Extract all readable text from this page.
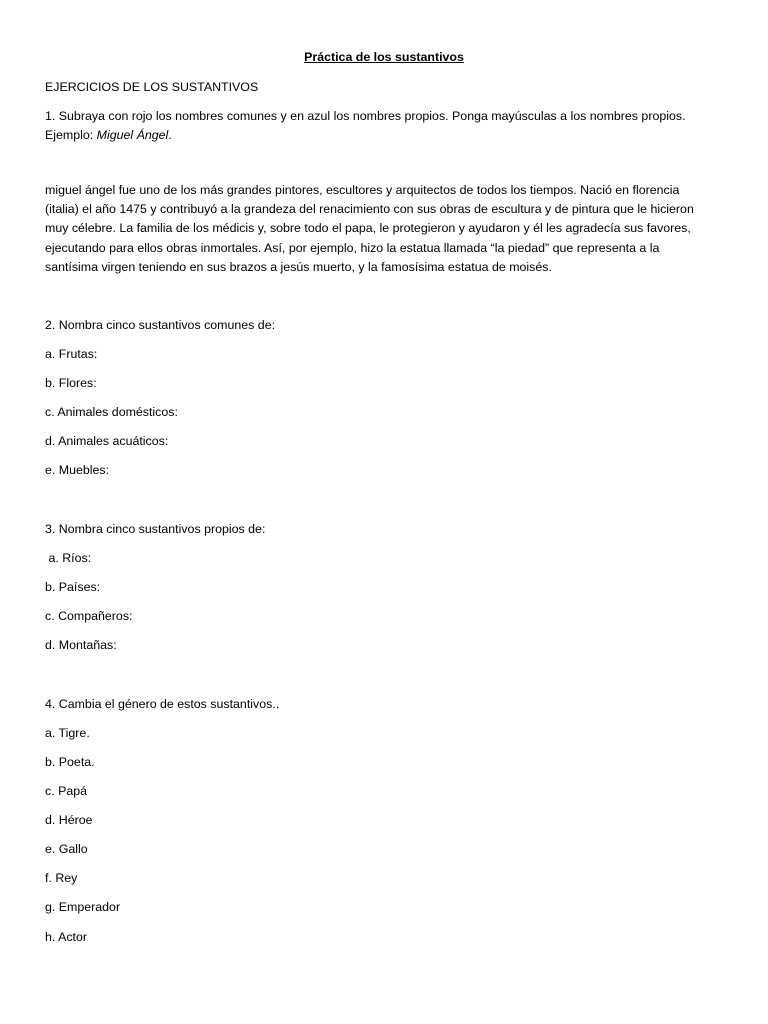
Práctica de los sustantivos
EJERCICIOS DE LOS SUSTANTIVOS
1. Subraya con rojo los nombres comunes y en azul los nombres propios. Ponga mayúsculas a los nombres propios.
Ejemplo: Miguel Ángel.
miguel ángel fue uno de los más grandes pintores, escultores y arquitectos de todos los tiempos. Nació en florencia
(italia) el año 1475 y contribuyó a la grandeza del renacimiento con sus obras de escultura y de pintura que le hicieron
muy célebre. La familia de los médicis y, sobre todo el papa, le protegieron y ayudaron y él les agradecía sus favores,
ejecutando para ellos obras inmortales. Así, por ejemplo, hizo la estatua llamada “la piedad” que representa a la
santísima virgen teniendo en sus brazos a jesús muerto, y la famosísima estatua de moisés.
2. Nombra cinco sustantivos comunes de:
a. Frutas:
b. Flores:
c. Animales domésticos:
d. Animales acuáticos:
e. Muebles:
3. Nombra cinco sustantivos propios de:
a. Ríos:
b. Países:
c. Compañeros:
d. Montañas:
4. Cambia el género de estos sustantivos..
a. Tigre.
b. Poeta.
c. Papá
d. Héroe
e. Gallo
f. Rey
g. Emperador
h. Actor
